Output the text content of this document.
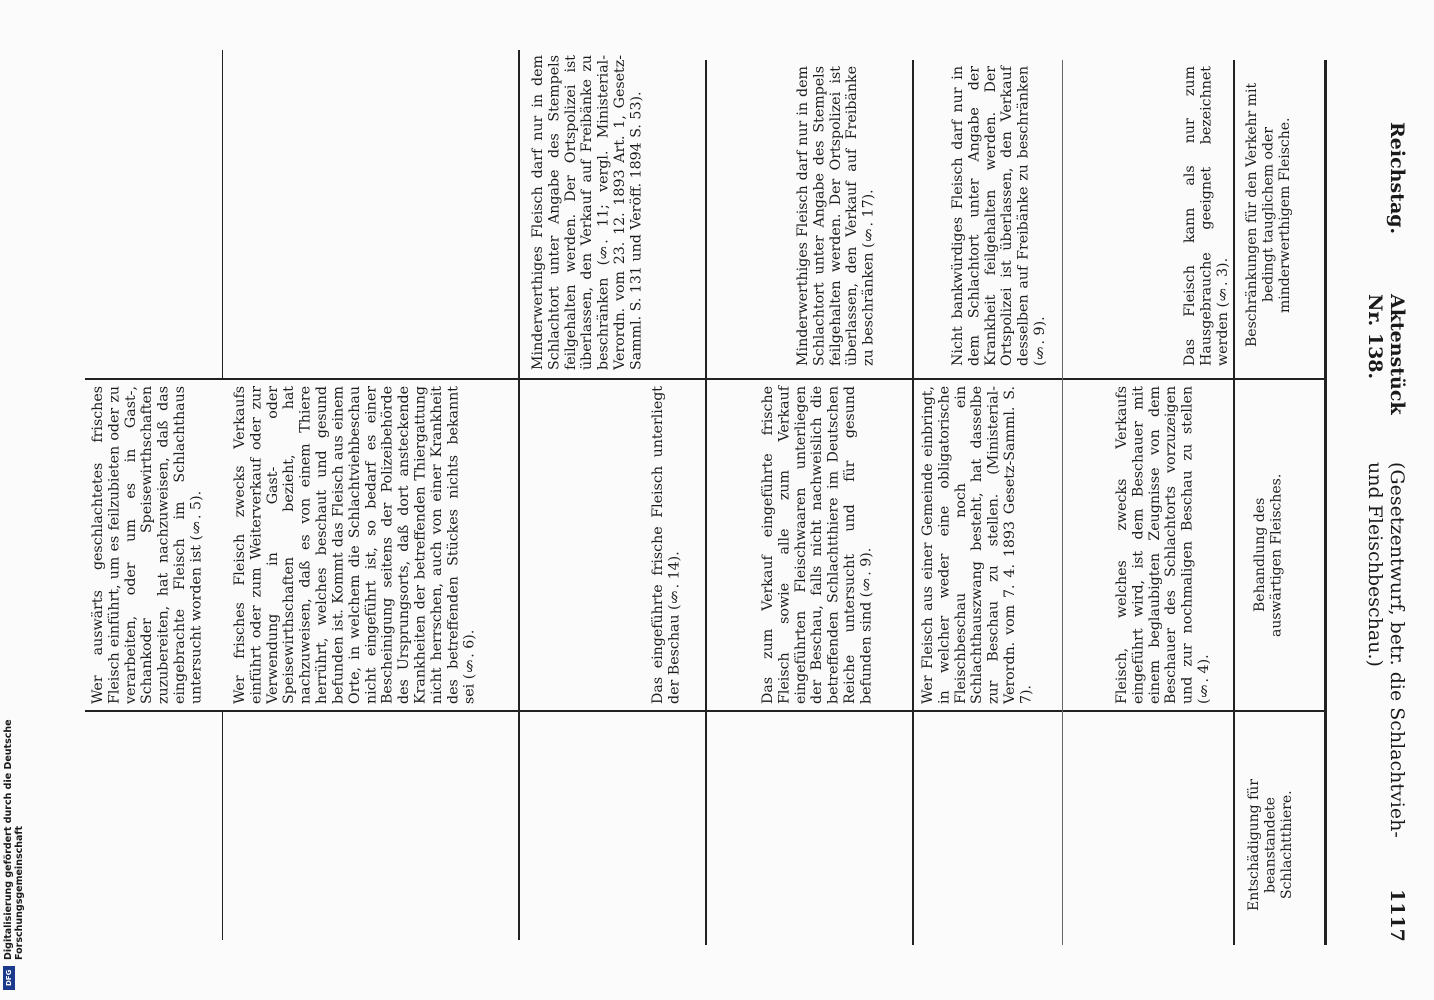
Reichstag.
Aktenstück Nr. 138.
(Gesetzentwurf, betr. die Schlachtvieh- und Fleischbeschau.)
1117
Beschränkungen für den Verkehr mit bedingt tauglichem oder minderwerthigem Fleische.
Behandlung des auswärtigen Fleisches.
Entschädigung für beanstandete Schlachtthiere.
Das Fleisch kann als nur zum Hausgebrauche geeignet bezeichnet werden (§. 3).
Fleisch, welches zwecks Verkaufs eingeführt wird, ist dem Beschauer mit einem beglaubigten Zeugnisse von dem Beschauer des Schlachtorts vorzuzeigen und zur nochmaligen Beschau zu stellen (§. 4).
Nicht bankwürdiges Fleisch darf nur in dem Schlachtort unter Angabe der Krankheit feilgehalten werden. Der Ortspolizei ist überlassen, den Verkauf desselben auf Freibänke zu beschränken (§. 9).
Wer Fleisch aus einer Gemeinde einbringt, in welcher weder eine obligatorische Fleischbeschau noch ein Schlachthauszwang besteht, hat dasselbe zur Beschau zu stellen. (Ministerial-Verordn. vom 7. 4. 1893 Gesetz-Samml. S. 7).
Minderwerthiges Fleisch darf nur in dem Schlachtort unter Angabe des Stempels feilgehalten werden. Der Ortspolizei ist überlassen, den Verkauf auf Freibänke zu beschränken (§. 17).
Das zum Verkauf eingeführte frische Fleisch sowie alle zum Verkauf eingeführten Fleischwaaren unterliegen der Beschau, falls nicht nachweislich die betreffenden Schlachtthiere im Deutschen Reiche untersucht und für gesund befunden sind (§. 9).
Minderwerthiges Fleisch darf nur in dem Schlachtort unter Angabe des Stempels feilgehalten werden. Der Ortspolizei ist überlassen, den Verkauf auf Freibänke zu beschränken (§. 11; vergl. Ministerial-Verordn. vom 23. 12. 1893 Art. 1, Gesetz-Samml. S. 131 und Veröff. 1894 S. 53).
Das eingeführte frische Fleisch unterliegt der Beschau (§. 14).
Wer frisches Fleisch zwecks Verkaufs einführt oder zum Weiterverkauf oder zur Verwendung in Gast- oder Speisewirthschaften bezieht, hat nachzuweisen, daß es von einem Thiere herrührt, welches beschaut und gesund befunden ist. Kommt das Fleisch aus einem Orte, in welchem die Schlachtviehbeschau nicht eingeführt ist, so bedarf es einer Bescheinigung seitens der Polizeibehörde des Ursprungsorts, daß dort ansteckende Krankheiten der betreffenden Thiergattung nicht herrschen, auch von einer Krankheit des betreffenden Stückes nichts bekannt sei (§. 6).
Wer auswärts geschlachtetes frisches Fleisch einführt, um es feilzubieten oder zu verarbeiten, oder um es in Gast-, Schankoder Speisewirthschaften zuzubereiten, hat nachzuweisen, daß das eingebrachte Fleisch im Schlachthaus untersucht worden ist (§. 5).
Digitalisierung gefördert durch die Deutsche Forschungsgemeinschaft
DFG
